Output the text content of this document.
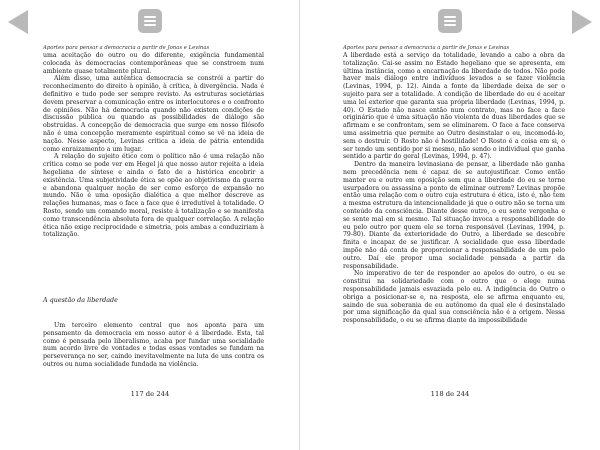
Aportes para pensar a democracia a partir de Jonas e Levinas

uma aceitação do outro ou do diferente, exigência fundamental colocada às democracias contemporâneas que se constroem num ambiente quase totalmente plural.

Além disso, uma autêntica democracia se constrói a partir do reconhecimento do direito à opinião, à crítica, à divergência. Nada é definitivo e tudo pode ser sempre revisto. As estruturas societárias devem preservar a comunicação entre os interlocutores e o confronto de opiniões. Não há democracia quando não existem condições de discussão pública ou quando as possibilidades de diálogo são obstruídas. A concepção de democracia que surge em nosso filósofo não é uma concepção meramente espiritual como se vê na ideia de nação. Nesse aspecto, Levinas critica a ideia de pátria entendida como enraizamento a um lugar.

A relação do sujeito ético com o político não é uma relação não crítica como se pode ver em Hegel já que nosso autor rejeita a ideia hegeliana de síntese e ainda o fato de a histórica encobrir a existência. Uma subjetividade ética se opõe ao objetivismo da guerra e abandona qualquer noção de ser como esforço de expansão no mundo. Não é uma oposição dialética a que melhor descreve as relações humanas, mas o face a face que é irredutível à totalidade. O Rosto, sendo um comando moral, resiste à totalização e se manifesta como transcendência absoluta fora de qualquer correlação. A relação ética não exige reciprocidade e simetria, pois ambas a conduziriam à totalização.

A questão da liberdade

Um terceiro elemento central que nos aponta para um pensamento da democracia em nosso autor é a liberdade. Esta, tal como é pensada pelo liberalismo, acaba por fundar uma socialidade num acordo livre de vontades e todas essas vontades se fundam na perseverança no ser, caindo inevitavelmente na luta de uns contra os outros ou numa socialidade fundada na violência.

117 de 244
Aportes para pensar a democracia a partir de Jonas e Levinas

A liberdade está a serviço da totalidade, levando a cabo a obra da totalização. Cai-se assim no Estado hegeliano que se apresenta, em última instância, como a encarnação da liberdade de todos. Não pode haver mais diálogo entre indivíduos levados a se fazer violência (Levinas, 1994, p. 12). Ainda a fonte da liberdade deixa de ser o sujeito para ser a totalidade. A condição de liberdade do eu é aceitar uma lei exterior que garanta sua própria liberdade (Levinas, 1994, p. 40). O Estado não nasce então num contrato, mas no face a face originário que é uma situação não violenta de duas liberdades que se afirmam e se confrontam, sem se eliminarem. O face a face conserva uma assimetria que permite ao Outro desinstalar o eu, incomodá-lo, sem o destruir. O Rosto não é hostilidade! O Rosto é a coisa em si, o ser tendo um sentido por si mesmo, não sendo o individual que ganha sentido a partir do geral (Levinas, 1994, p. 47).

Dentro da maneira levinasiana de pensar, a liberdade não ganha nem precedência nem é capaz de se autojustificar. Como então manter eu e outro em oposição sem que a liberdade do eu se torne usurpadora ou assassina a ponto de eliminar outrem? Levinas propõe então uma relação com o outro cuja estrutura é ética, isto é, não tem a mesma estrutura da intencionalidade já que o outro não se torna um conteúdo da consciência. Diante desse outro, o eu sente vergonha e se sente mal em si mesmo. Tal situação invoca a responsabilidade do eu pelo outro por quem ele se torna responsável (Levinas, 1994, p. 79-80). Diante da exterioridade do Outro, a liberdade se descobre finita e incapaz de se justificar. A socialidade que essa liberdade impõe não dá conta de proporcionar a responsabilidade de um pelo outro. Daí ele propor uma socialidade pensada a partir da responsabilidade.

No imperativo de ter de responder ao apelos do outro, o eu se constitui na solidariedade com o outro que o elege numa responsabilidade jamais esvaziada pelo eu. A indigência do Outro o obriga a posicionar-se e, na resposta, ele se afirma enquanto eu, saindo de sua soberania de eu autônomo da qual ele é desinstalado por uma significação da qual sua consciência não é a origem. Nessa responsabilidade, o eu se afirma diante da impossibilidade

118 de 244
